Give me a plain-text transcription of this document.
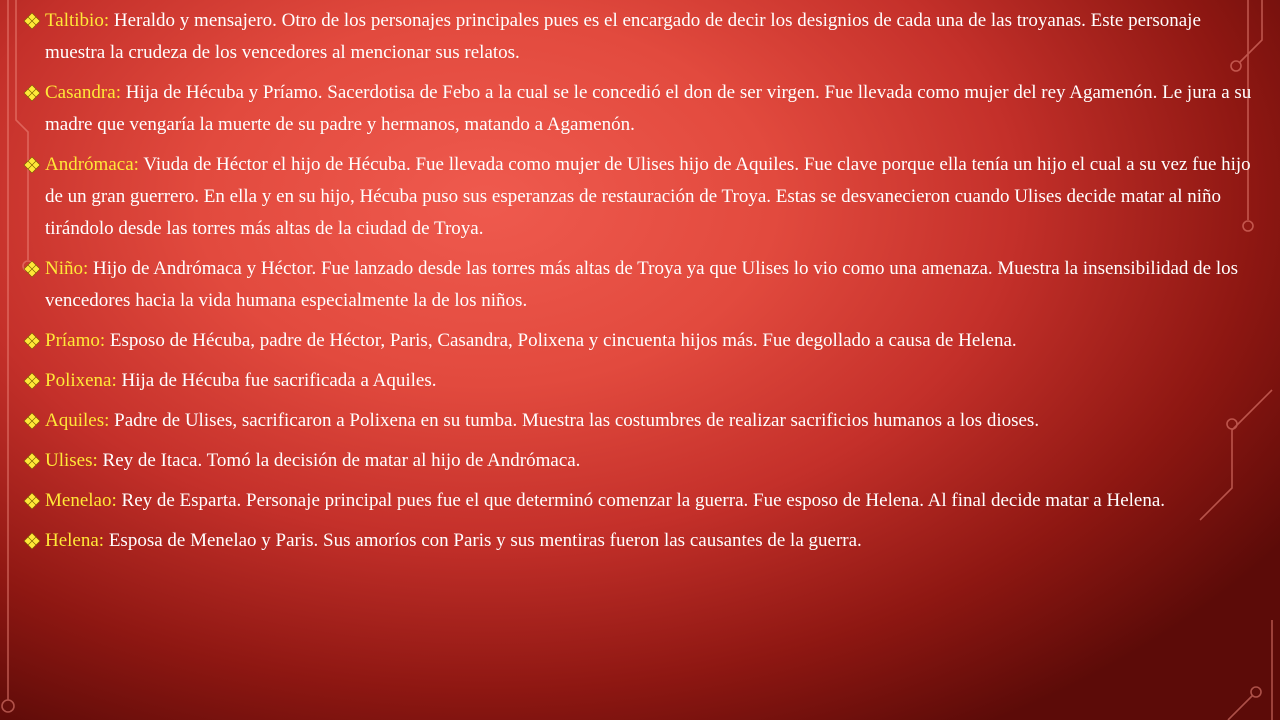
Taltibio: Heraldo y mensajero. Otro de los personajes principales pues es el encargado de decir los designios de cada una de las troyanas. Este personaje muestra la crudeza de los vencedores al mencionar sus relatos.
Casandra: Hija de Hécuba y Príamo. Sacerdotisa de Febo a la cual se le concedió el don de ser virgen. Fue llevada como mujer del rey Agamenón. Le jura a su madre que vengaría la muerte de su padre y hermanos, matando a Agamenón.
Andrómaca: Viuda de Héctor el hijo de Hécuba. Fue llevada como mujer de Ulises hijo de Aquiles. Fue clave porque ella tenía un hijo el cual a su vez fue hijo de un gran guerrero. En ella y en su hijo, Hécuba puso sus esperanzas de restauración de Troya. Estas se desvanecieron cuando Ulises decide matar al niño tirándolo desde las torres más altas de la ciudad de Troya.
Niño: Hijo de Andrómaca y Héctor. Fue lanzado desde las torres más altas de Troya ya que Ulises lo vio como una amenaza. Muestra la insensibilidad de los vencedores hacia la vida humana especialmente la de los niños.
Príamo: Esposo de Hécuba, padre de Héctor, Paris, Casandra, Polixena y cincuenta hijos más. Fue degollado a causa de Helena.
Polixena: Hija de Hécuba fue sacrificada a Aquiles.
Aquiles: Padre de Ulises, sacrificaron a Polixena en su tumba. Muestra las costumbres de realizar sacrificios humanos a los dioses.
Ulises: Rey de Itaca. Tomó la decisión de matar al hijo de Andrómaca.
Menelao: Rey de Esparta. Personaje principal pues fue el que determinó comenzar la guerra. Fue esposo de Helena. Al final decide matar a Helena.
Helena: Esposa de Menelao y Paris. Sus amoríos con Paris y sus mentiras fueron las causantes de la guerra.
